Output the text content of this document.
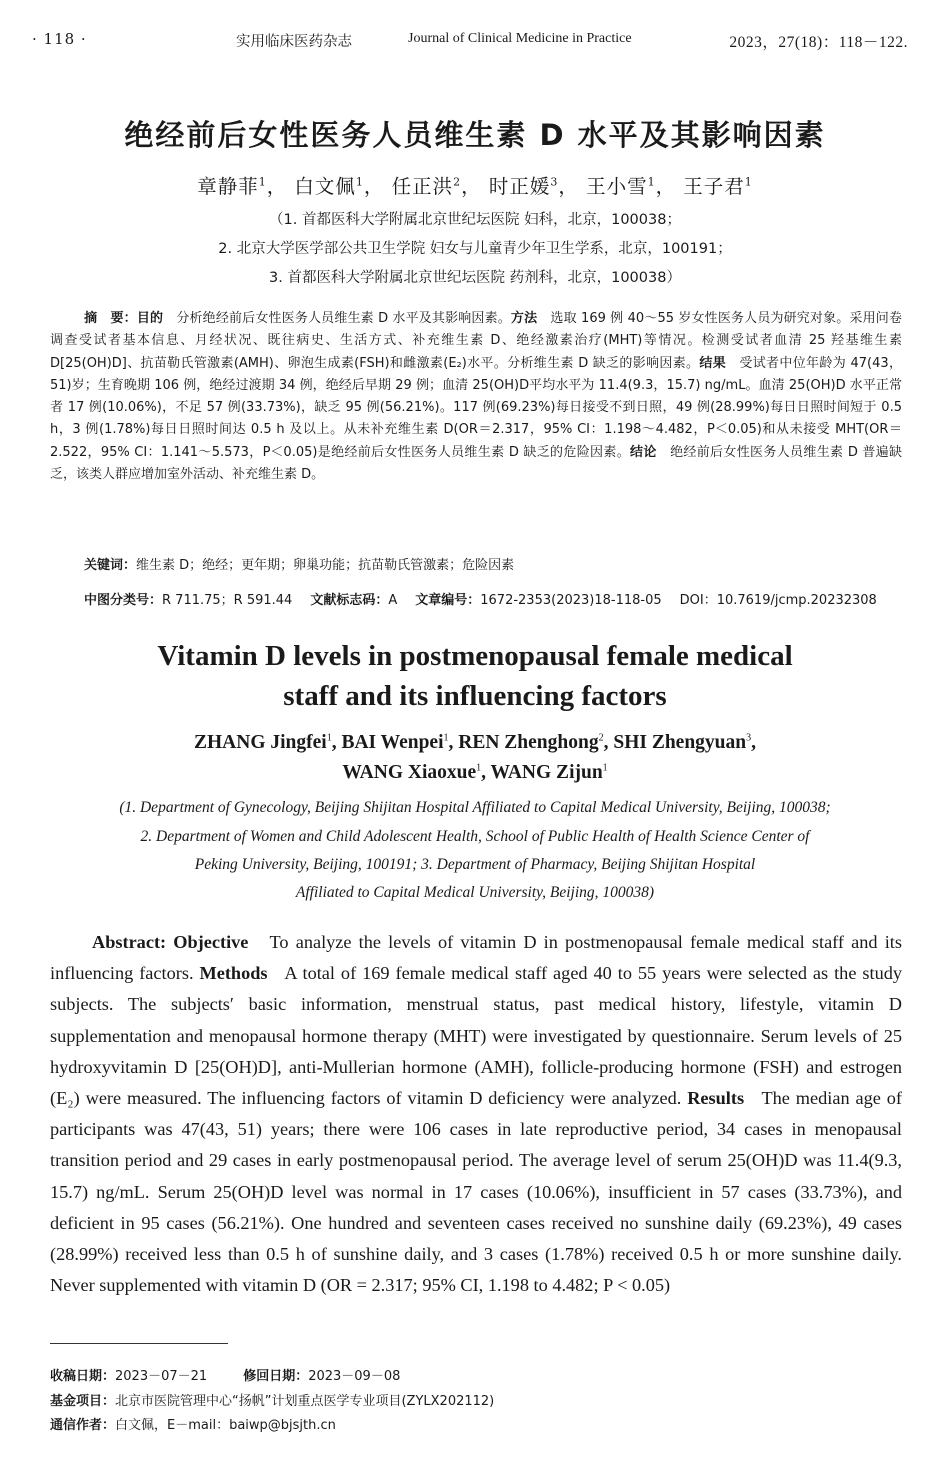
· 118 ·	实用临床医药杂志	Journal of Clinical Medicine in Practice	2023，27(18)：118－122.
绝经前后女性医务人员维生素 D 水平及其影响因素
章静菲$^1$， 白文佩$^1$， 任正洪$^2$， 时正媛$^3$， 王小雪$^1$， 王子君$^1$
（1. 首都医科大学附属北京世纪坛医院 妇科，北京，100038；
2. 北京大学医学部公共卫生学院 妇女与儿童青少年卫生学系，北京，100191；
3. 首都医科大学附属北京世纪坛医院 药剂科，北京，100038）
摘　要：目的　 分析绝经前后女性医务人员维生素 D 水平及其影响因素。方法　 选取 169 例 40～55 岁女性医务人员为研究对象。采用问卷调查受试者基本信息、月经状况、既往病史、生活方式、补充维生素 D、绝经激素治疗(MHT)等情况。检测受试者血清 25 羟基维生素 D[25(OH)D]、抗苗勒氏管激素(AMH)、卵泡生成素(FSH)和雌激素(E₂)水平。分析维生素 D 缺乏的影响因素。结果　 受试者中位年龄为 47(43，51)岁；生育晚期 106 例，绝经过渡期 34 例，绝经后早期 29 例；血清 25(OH)D平均水平为 11.4(9.3，15.7) ng/mL。血清 25(OH)D 水平正常者 17 例(10.06%)，不足 57 例(33.73%)，缺乏 95 例(56.21%)。117 例(69.23%)每日接受不到日照，49 例(28.99%)每日日照时间短于 0.5 h，3 例(1.78%)每日日照时间达 0.5 h 及以上。从未补充维生素 D(OR＝2.317，95% CI：1.198～4.482，P＜0.05)和从未接受 MHT(OR＝2.522，95% CI：1.141～5.573，P＜0.05)是绝经前后女性医务人员维生素 D 缺乏的危险因素。结论　 绝经前后女性医务人员维生素 D 普遍缺乏，该类人群应增加室外活动、补充维生素 D。
关键词：维生素 D；绝经；更年期；卵巢功能；抗苗勒氏管激素；危险因素
中图分类号：R 711.75；R 591.44 文献标志码：A 文章编号：1672-2353(2023)18-118-05 DOI：10.7619/jcmp.20232308
Vitamin D levels in postmenopausal female medical
staff and its influencing factors
ZHANG Jingfei$^1$, BAI Wenpei$^1$, REN Zhenghong$^2$, SHI Zhengyuan$^3$,
WANG Xiaoxue$^1$, WANG Zijun$^1$
(1. Department of Gynecology, Beijing Shijitan Hospital Affiliated to Capital Medical University, Beijing, 100038;
2. Department of Women and Child Adolescent Health, School of Public Health of Health Science Center of
Peking University, Beijing, 100191; 3. Department of Pharmacy, Beijing Shijitan Hospital
Affiliated to Capital Medical University, Beijing, 100038)
Abstract: Objective To analyze the levels of vitamin D in postmenopausal female medical staff and its influencing factors. Methods A total of 169 female medical staff aged 40 to 55 years were selected as the study subjects. The subjects′ basic information, menstrual status, past medical history, lifestyle, vitamin D supplementation and menopausal hormone therapy (MHT) were investigated by questionnaire. Serum levels of 25 hydroxyvitamin D [25(OH)D], anti-Mullerian hormone (AMH), follicle-producing hormone (FSH) and estrogen (E₂) were measured. The influencing factors of vitamin D deficiency were analyzed. Results The median age of participants was 47(43, 51) years; there were 106 cases in late reproductive period, 34 cases in menopausal transition period and 29 cases in early postmenopausal period. The average level of serum 25(OH)D was 11.4(9.3, 15.7) ng/mL. Serum 25(OH)D level was normal in 17 cases (10.06%), insufficient in 57 cases (33.73%), and deficient in 95 cases (56.21%). One hundred and seventeen cases received no sunshine daily (69.23%), 49 cases (28.99%) received less than 0.5 h of sunshine daily, and 3 cases (1.78%) received 0.5 h or more sunshine daily. Never supplemented with vitamin D (OR = 2.317; 95% CI, 1.198 to 4.482; P < 0.05)
收稿日期：2023－07－21	修回日期：2023－09－08
基金项目：北京市医院管理中心“扬帆”计划重点医学专业项目(ZYLX202112)
通信作者：白文佩，E－mail：baiwp@bjsjth.cn
